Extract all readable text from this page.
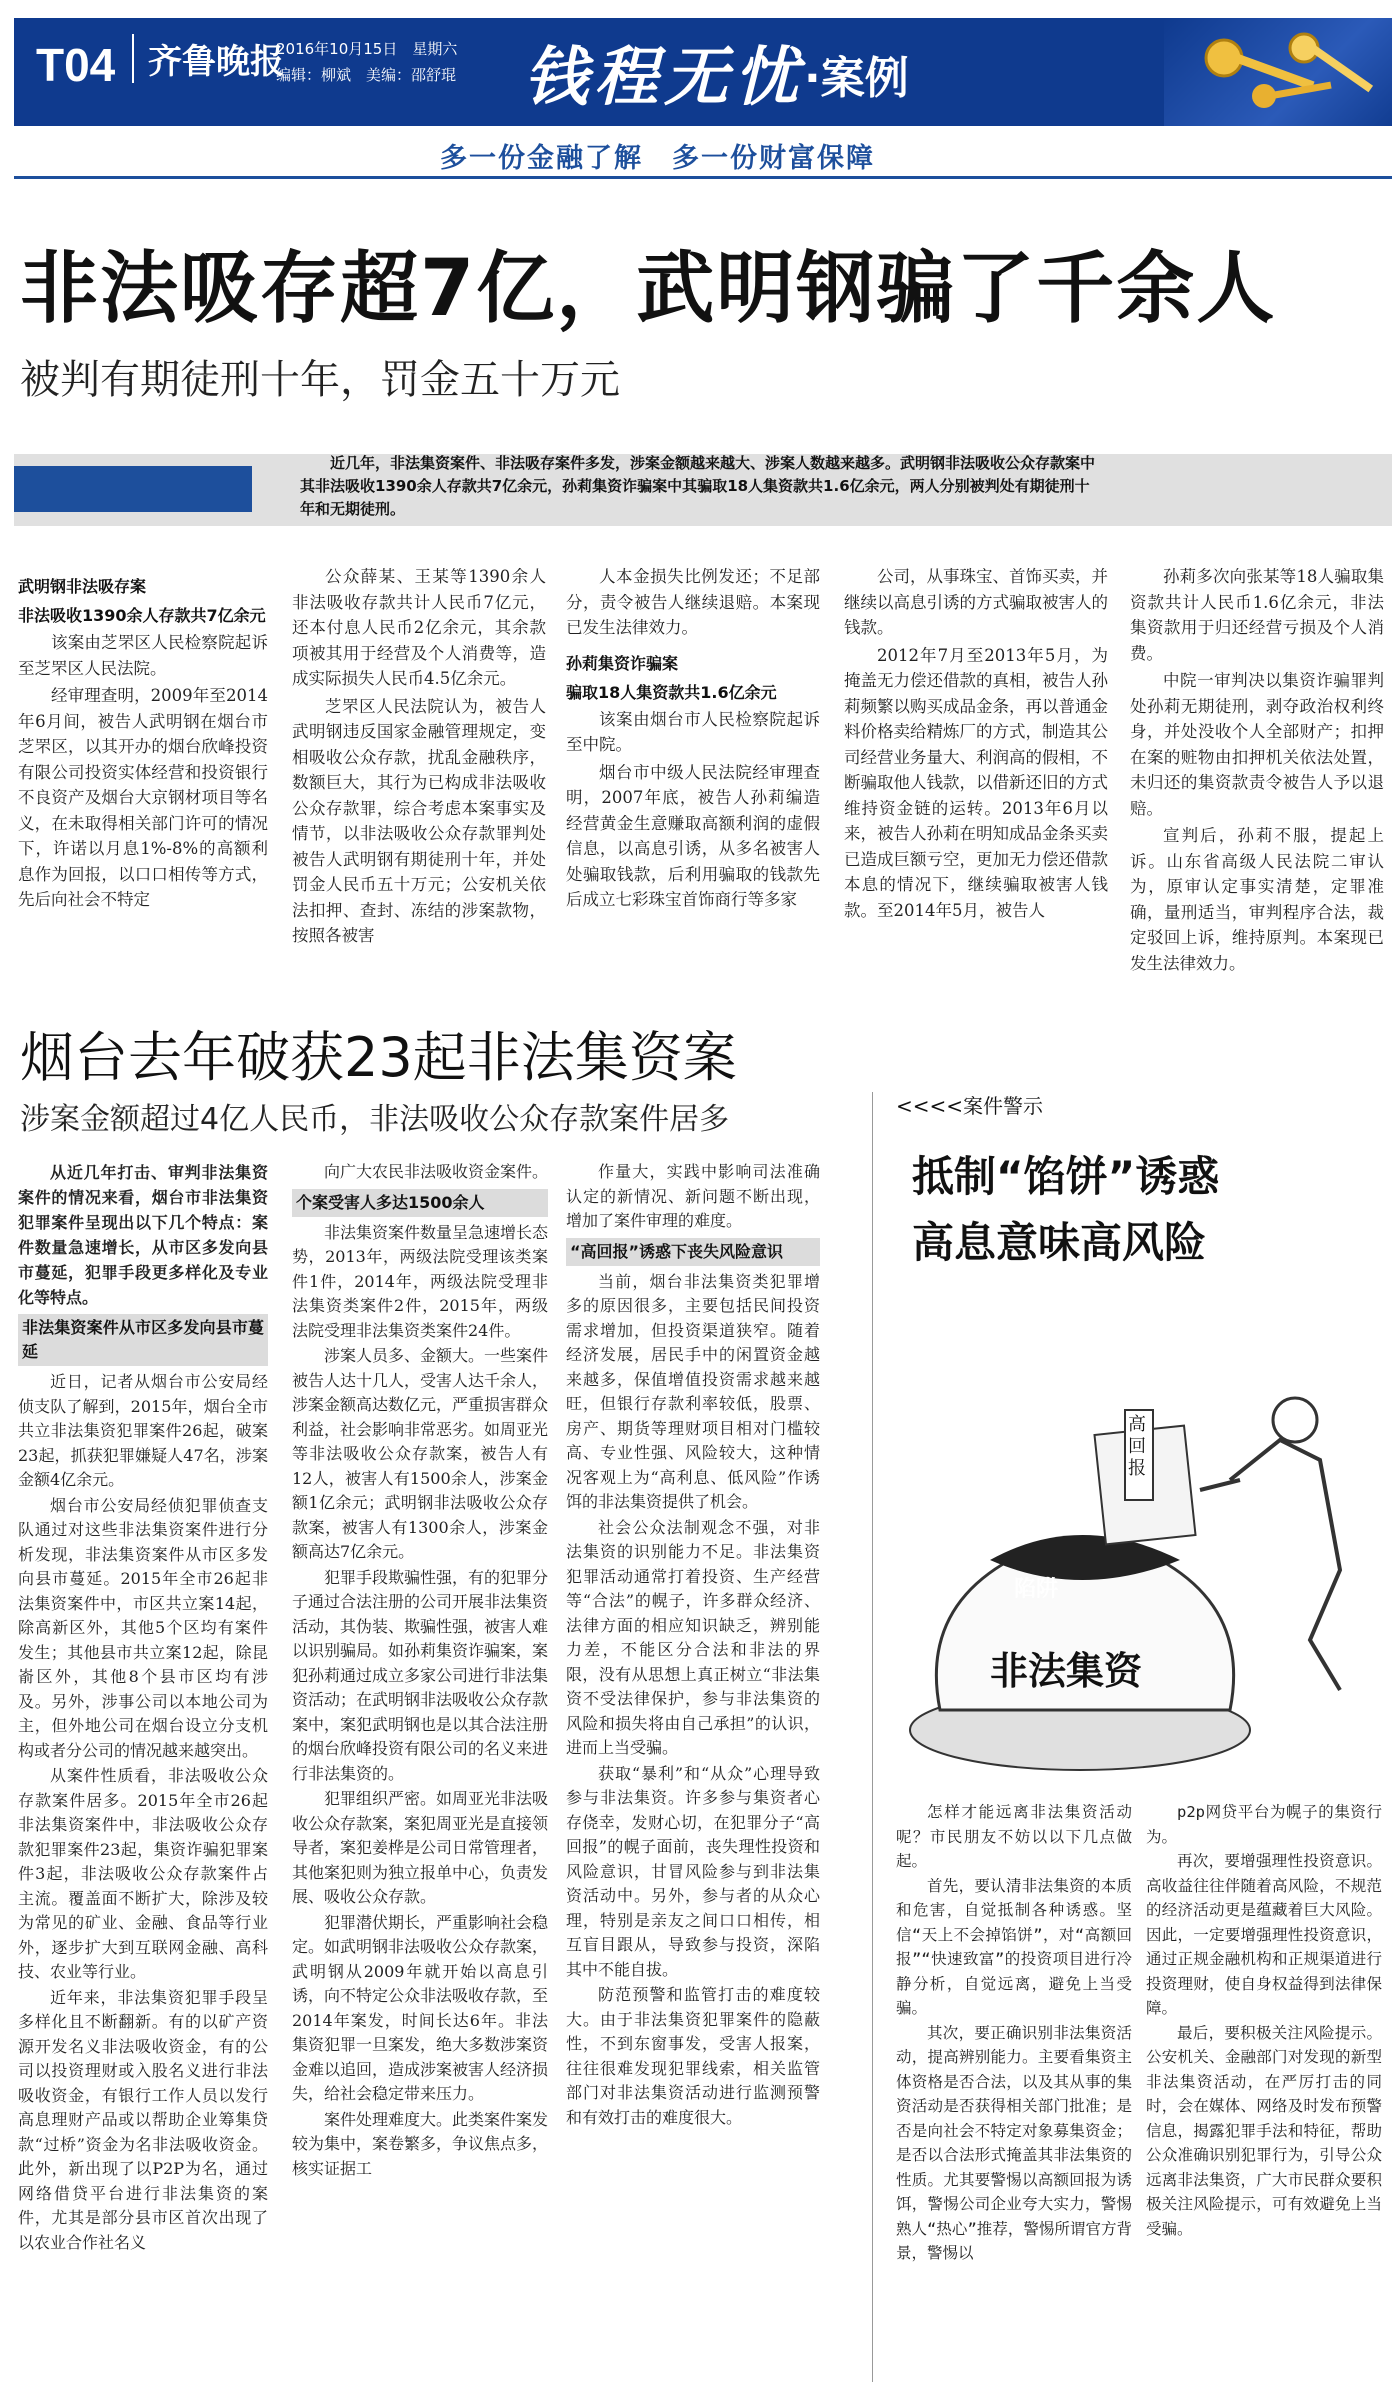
T04 齐鲁晚报
2016年10月15日　星期六
编辑：柳斌　美编：邵舒琨 钱程无忧 ·案例
多一份金融了解　多一份财富保障
非法吸存超7亿，武明钢骗了千余人
被判有期徒刑十年，罚金五十万元
近几年，非法集资案件、非法吸存案件多发，涉案金额越来越大、涉案人数越来越多。武明钢非法吸收公众存款案中其非法吸收1390余人存款共7亿余元，孙莉集资诈骗案中其骗取18人集资款共1.6亿余元，两人分别被判处有期徒刑十年和无期徒刑。
武明钢非法吸存案
非法吸收1390余人存款共7亿余元

该案由芝罘区人民检察院起诉至芝罘区人民法院。

经审理查明，2009年至2014年6月间，被告人武明钢在烟台市芝罘区，以其开办的烟台欣峰投资有限公司投资实体经营和投资银行不良资产及烟台大京钢材项目等名义，在未取得相关部门许可的情况下，许诺以月息1%-8%的高额利息作为回报，以口口相传等方式，先后向社会不特定

公众薛某、王某等1390余人非法吸收存款共计人民币7亿元，还本付息人民币2亿余元，其余款项被其用于经营及个人消费等，造成实际损失人民币4.5亿余元。

芝罘区人民法院认为，被告人武明钢违反国家金融管理规定，变相吸收公众存款，扰乱金融秩序，数额巨大，其行为已构成非法吸收公众存款罪，综合考虑本案事实及情节，以非法吸收公众存款罪判处被告人武明钢有期徒刑十年，并处罚金人民币五十万元；公安机关依法扣押、查封、冻结的涉案款物，按照各被害

人本金损失比例发还；不足部分，责令被告人继续退赔。本案现已发生法律效力。

孙莉集资诈骗案
骗取18人集资款共1.6亿余元

该案由烟台市人民检察院起诉至中院。

烟台市中级人民法院经审理查明，2007年底，被告人孙莉编造经营黄金生意赚取高额利润的虚假信息，以高息引诱，从多名被害人处骗取钱款，后利用骗取的钱款先后成立七彩珠宝首饰商行等多家

公司，从事珠宝、首饰买卖，并继续以高息引诱的方式骗取被害人的钱款。

2012年7月至2013年5月，为掩盖无力偿还借款的真相，被告人孙莉频繁以购买成品金条，再以普通金料价格卖给精炼厂的方式，制造其公司经营业务量大、利润高的假相，不断骗取他人钱款，以借新还旧的方式维持资金链的运转。2013年6月以来，被告人孙莉在明知成品金条买卖已造成巨额亏空，更加无力偿还借款本息的情况下，继续骗取被害人钱款。至2014年5月，被告人

孙莉多次向张某等18人骗取集资款共计人民币1.6亿余元，非法集资款用于归还经营亏损及个人消费。

中院一审判决以集资诈骗罪判处孙莉无期徒刑，剥夺政治权利终身，并处没收个人全部财产；扣押在案的赃物由扣押机关依法处置，未归还的集资款责令被告人予以退赔。

宣判后，孙莉不服，提起上诉。山东省高级人民法院二审认为，原审认定事实清楚，定罪准确，量刑适当，审判程序合法，裁定驳回上诉，维持原判。本案现已发生法律效力。

烟台去年破获23起非法集资案
涉案金额超过4亿人民币，非法吸收公众存款案件居多
从近几年打击、审判非法集资案件的情况来看，烟台市非法集资犯罪案件呈现出以下几个特点：案件数量急速增长，从市区多发向县市蔓延，犯罪手段更多样化及专业化等特点。
非法集资案件从市区多发向县市蔓延

近日，记者从烟台市公安局经侦支队了解到，2015年，烟台全市共立非法集资犯罪案件26起，破案23起，抓获犯罪嫌疑人47名，涉案金额4亿余元。

烟台市公安局经侦犯罪侦查支队通过对这些非法集资案件进行分析发现，非法集资案件从市区多发向县市蔓延。2015年全市26起非法集资案件中，市区共立案14起，除高新区外，其他5个区均有案件发生；其他县市共立案12起，除昆嵛区外，其他8个县市区均有涉及。另外，涉事公司以本地公司为主，但外地公司在烟台设立分支机构或者分公司的情况越来越突出。

从案件性质看，非法吸收公众存款案件居多。2015年全市26起非法集资案件中，非法吸收公众存款犯罪案件23起，集资诈骗犯罪案件3起，非法吸收公众存款案件占主流。覆盖面不断扩大，除涉及较为常见的矿业、金融、食品等行业外，逐步扩大到互联网金融、高科技、农业等行业。

近年来，非法集资犯罪手段呈多样化且不断翻新。有的以矿产资源开发名义非法吸收资金，有的公司以投资理财或入股名义进行非法吸收资金，有银行工作人员以发行高息理财产品或以帮助企业筹集贷款“过桥”资金为名非法吸收资金。此外，新出现了以P2P为名，通过网络借贷平台进行非法集资的案件，尤其是部分县市区首次出现了以农业合作社名义

向广大农民非法吸收资金案件。

个案受害人多达1500余人

非法集资案件数量呈急速增长态势，2013年，两级法院受理该类案件1件，2014年，两级法院受理非法集资类案件2件，2015年，两级法院受理非法集资类案件24件。

涉案人员多、金额大。一些案件被告人达十几人，受害人达千余人，涉案金额高达数亿元，严重损害群众利益，社会影响非常恶劣。如周亚光等非法吸收公众存款案，被告人有12人，被害人有1500余人，涉案金额1亿余元；武明钢非法吸收公众存款案，被害人有1300余人，涉案金额高达7亿余元。

犯罪手段欺骗性强，有的犯罪分子通过合法注册的公司开展非法集资活动，其伪装、欺骗性强，被害人难以识别骗局。如孙莉集资诈骗案，案犯孙莉通过成立多家公司进行非法集资活动；在武明钢非法吸收公众存款案中，案犯武明钢也是以其合法注册的烟台欣峰投资有限公司的名义来进行非法集资的。

犯罪组织严密。如周亚光非法吸收公众存款案，案犯周亚光是直接领导者，案犯姜桦是公司日常管理者，其他案犯则为独立报单中心，负责发展、吸收公众存款。

犯罪潜伏期长，严重影响社会稳定。如武明钢非法吸收公众存款案，武明钢从2009年就开始以高息引诱，向不特定公众非法吸收存款，至2014年案发，时间长达6年。非法集资犯罪一旦案发，绝大多数涉案资金难以追回，造成涉案被害人经济损失，给社会稳定带来压力。

案件处理难度大。此类案件案发较为集中，案卷繁多，争议焦点多，核实证据工

作量大，实践中影响司法准确认定的新情况、新问题不断出现，增加了案件审理的难度。

“高回报”诱惑下丧失风险意识

当前，烟台非法集资类犯罪增多的原因很多，主要包括民间投资需求增加，但投资渠道狭窄。随着经济发展，居民手中的闲置资金越来越多，保值增值投资需求越来越旺，但银行存款利率较低，股票、房产、期货等理财项目相对门槛较高、专业性强、风险较大，这种情况客观上为“高利息、低风险”作诱饵的非法集资提供了机会。

社会公众法制观念不强，对非法集资的识别能力不足。非法集资犯罪活动通常打着投资、生产经营等“合法”的幌子，许多群众经济、法律方面的相应知识缺乏，辨别能力差，不能区分合法和非法的界限，没有从思想上真正树立“非法集资不受法律保护，参与非法集资的风险和损失将由自己承担”的认识，进而上当受骗。

获取“暴利”和“从众”心理导致参与非法集资。许多参与集资者心存侥幸，发财心切，在犯罪分子“高回报”的幌子面前，丧失理性投资和风险意识，甘冒风险参与到非法集资活动中。另外，参与者的从众心理，特别是亲友之间口口相传，相互盲目跟从，导致参与投资，深陷其中不能自拔。

防范预警和监管打击的难度较大。由于非法集资犯罪案件的隐蔽性，不到东窗事发，受害人报案，往往很难发现犯罪线索，相关监管部门对非法集资活动进行监测预警和有效打击的难度很大。

<<<<案件警示
抵制“馅饼”诱惑
高息意味高风险
陷阱
高回报
非法集资

怎样才能远离非法集资活动呢？市民朋友不妨以以下几点做起。

首先，要认清非法集资的本质和危害，自觉抵制各种诱惑。坚信“天上不会掉馅饼”，对“高额回报”“快速致富”的投资项目进行冷静分析，自觉远离，避免上当受骗。

其次，要正确识别非法集资活动，提高辨别能力。主要看集资主体资格是否合法，以及其从事的集资活动是否获得相关部门批准；是否是向社会不特定对象募集资金；是否以合法形式掩盖其非法集资的性质。尤其要警惕以高额回报为诱饵，警惕公司企业夸大实力，警惕熟人“热心”推荐，警惕所谓官方背景，警惕以

p2p网贷平台为幌子的集资行为。

再次，要增强理性投资意识。高收益往往伴随着高风险，不规范的经济活动更是蕴藏着巨大风险。因此，一定要增强理性投资意识，通过正规金融机构和正规渠道进行投资理财，使自身权益得到法律保障。

最后，要积极关注风险提示。公安机关、金融部门对发现的新型非法集资活动，在严厉打击的同时，会在媒体、网络及时发布预警信息，揭露犯罪手法和特征，帮助公众准确识别犯罪行为，引导公众远离非法集资，广大市民群众要积极关注风险提示，可有效避免上当受骗。
